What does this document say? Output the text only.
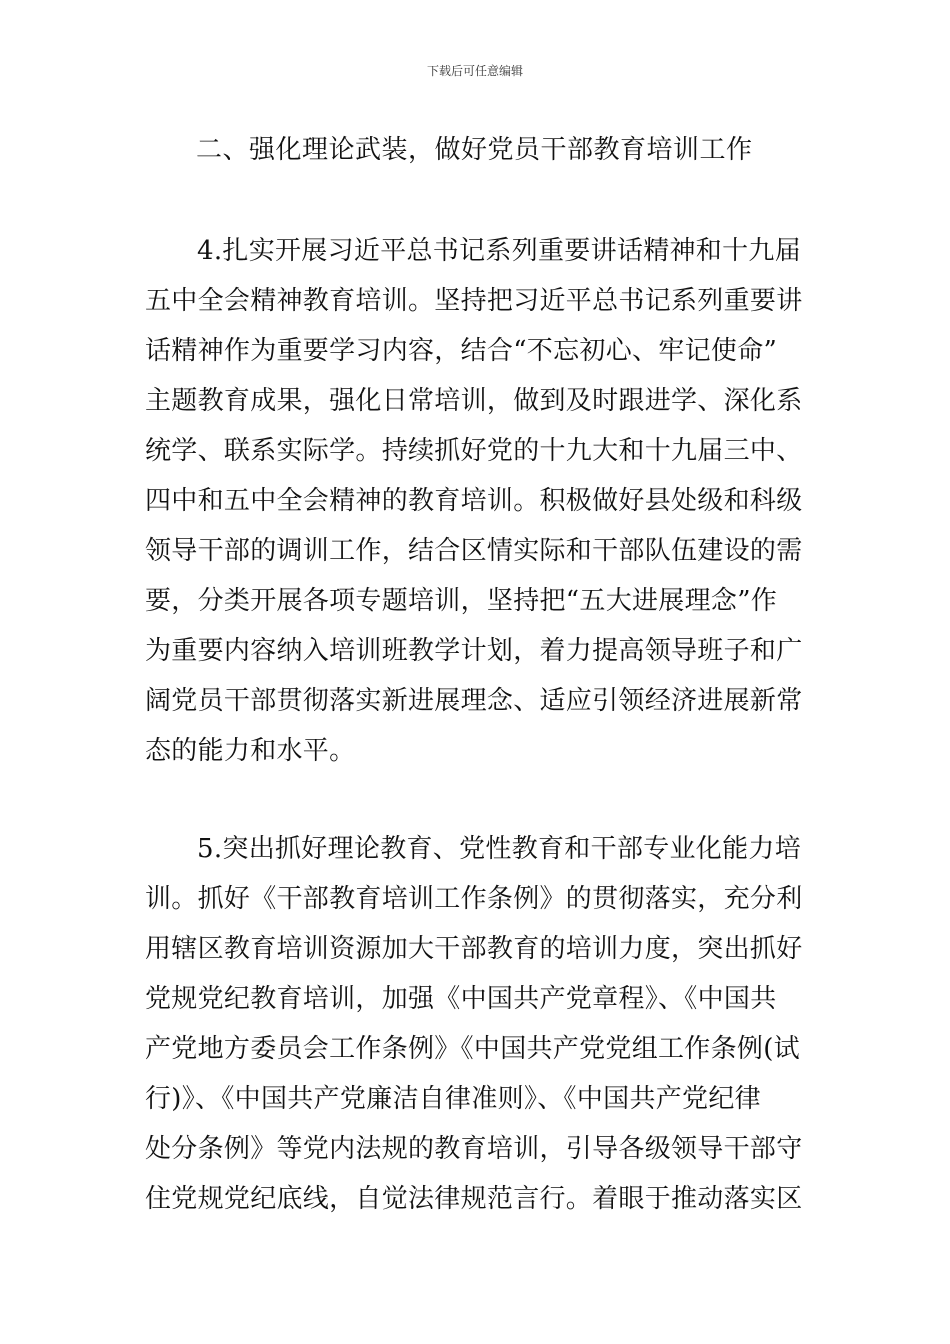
下载后可任意编辑
二、强化理论武装，做好党员干部教育培训工作
4.扎实开展习近平总书记系列重要讲话精神和十九届
五中全会精神教育培训。坚持把习近平总书记系列重要讲
话精神作为重要学习内容，结合“不忘初心、牢记使命”
主题教育成果，强化日常培训，做到及时跟进学、深化系
统学、联系实际学。持续抓好党的十九大和十九届三中、
四中和五中全会精神的教育培训。积极做好县处级和科级
领导干部的调训工作，结合区情实际和干部队伍建设的需
要，分类开展各项专题培训，坚持把“五大进展理念”作
为重要内容纳入培训班教学计划，着力提高领导班子和广
阔党员干部贯彻落实新进展理念、适应引领经济进展新常
态的能力和水平。
5.突出抓好理论教育、党性教育和干部专业化能力培
训。抓好《干部教育培训工作条例》的贯彻落实，充分利
用辖区教育培训资源加大干部教育的培训力度，突出抓好
党规党纪教育培训，加强《中国共产党章程》、《中国共
产党地方委员会工作条例》《中国共产党党组工作条例(试
行)》、《中国共产党廉洁自律准则》、《中国共产党纪律
处分条例》等党内法规的教育培训，引导各级领导干部守
住党规党纪底线，自觉法律规范言行。着眼于推动落实区
